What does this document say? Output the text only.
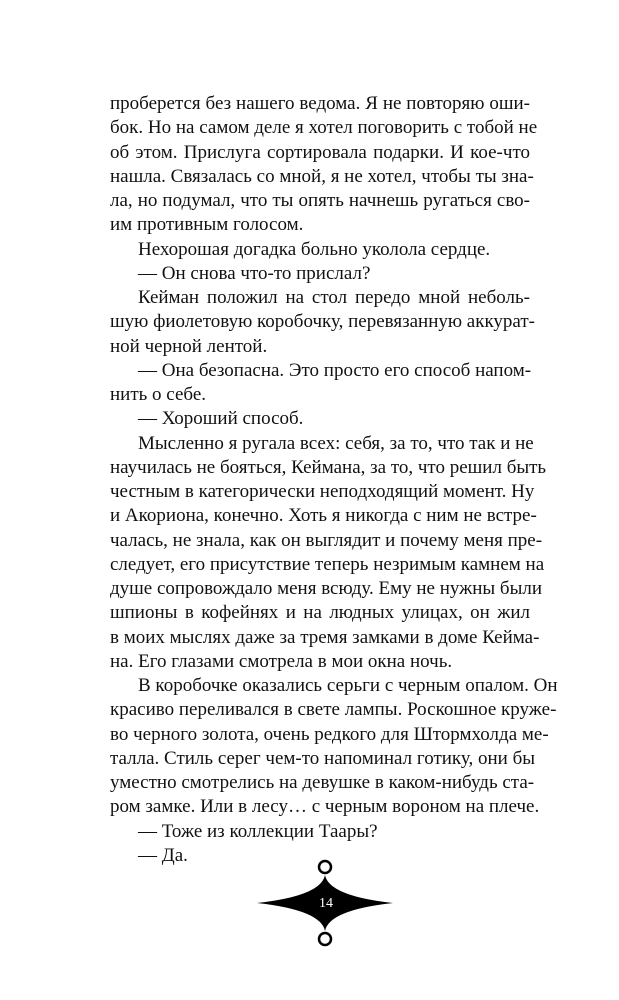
проберется без нашего ведома. Я не повторяю оши-
бок. Но на самом деле я хотел поговорить с тобой не
об этом. Прислуга сортировала подарки. И кое-что
нашла. Связалась со мной, я не хотел, чтобы ты зна-
ла, но подумал, что ты опять начнешь ругаться сво-
им противным голосом.
Нехорошая догадка больно уколола сердце.
— Он снова что-то прислал?
Кейман положил на стол передо мной неболь-
шую фиолетовую коробочку, перевязанную аккурат-
ной черной лентой.
— Она безопасна. Это просто его способ напом-
нить о себе.
— Хороший способ.
Мысленно я ругала всех: себя, за то, что так и не
научилась не бояться, Кеймана, за то, что решил быть
честным в категорически неподходящий момент. Ну
и Акориона, конечно. Хоть я никогда с ним не встре-
чалась, не знала, как он выглядит и почему меня пре-
следует, его присутствие теперь незримым камнем на
душе сопровождало меня всюду. Ему не нужны были
шпионы в кофейнях и на людных улицах, он жил
в моих мыслях даже за тремя замками в доме Кейма-
на. Его глазами смотрела в мои окна ночь.
В коробочке оказались серьги с черным опалом. Он
красиво переливался в свете лампы. Роскошное круже-
во черного золота, очень редкого для Штормхолда ме-
талла. Стиль серег чем-то напоминал готику, они бы
уместно смотрелись на девушке в каком-нибудь ста-
ром замке. Или в лесу… с черным вороном на плече.
— Тоже из коллекции Таары?
— Да.
14
